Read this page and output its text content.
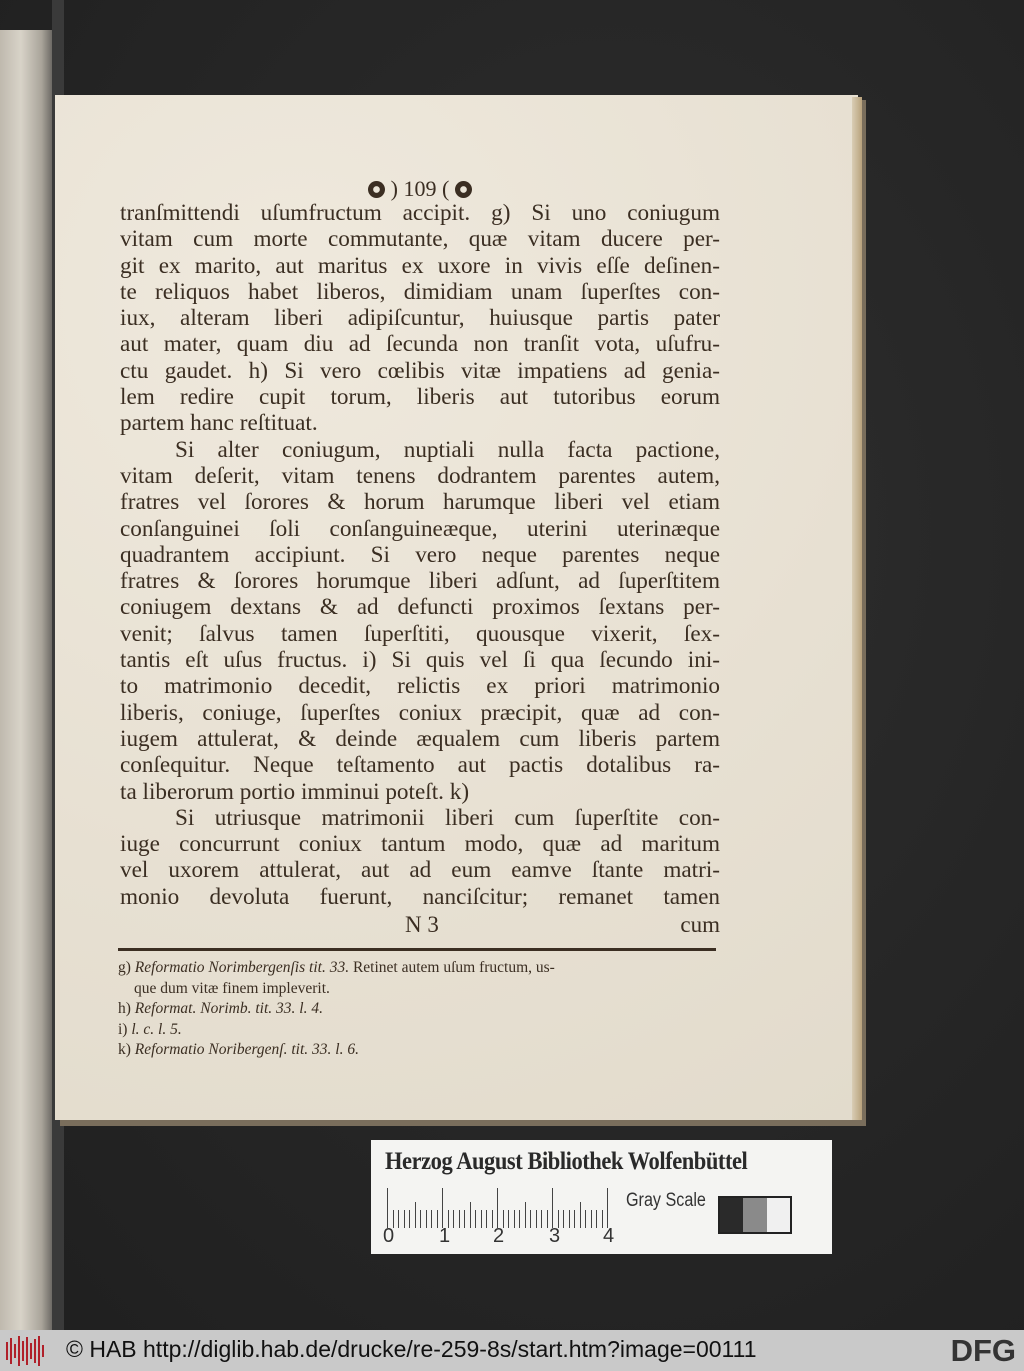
) 109 (
tranſmittendi uſumfructum accipit. g) Si uno coniugum
vitam cum morte commutante, quæ vitam ducere per-
git ex marito, aut maritus ex uxore in vivis eſſe deſinen-
te reliquos habet liberos, dimidiam unam ſuperſtes con-
iux, alteram liberi adipiſcuntur, huiusque partis pater
aut mater, quam diu ad ſecunda non tranſit vota, uſufru-
ctu gaudet. h) Si vero cœlibis vitæ impatiens ad genia-
lem redire cupit torum, liberis aut tutoribus eorum
partem hanc reſtituat.
Si alter coniugum, nuptiali nulla facta pactione,
vitam deſerit, vitam tenens dodrantem parentes autem,
fratres vel ſorores & horum harumque liberi vel etiam
conſanguinei ſoli conſanguineæque, uterini uterinæque
quadrantem accipiunt. Si vero neque parentes neque
fratres & ſorores horumque liberi adſunt, ad ſuperſtitem
coniugem dextans & ad defuncti proximos ſextans per-
venit; ſalvus tamen ſuperſtiti, quousque vixerit, ſex-
tantis eſt uſus fructus. i) Si quis vel ſi qua ſecundo ini-
to matrimonio decedit, relictis ex priori matrimonio
liberis, coniuge, ſuperſtes coniux præcipit, quæ ad con-
iugem attulerat, & deinde æqualem cum liberis partem
conſequitur. Neque teſtamento aut pactis dotalibus ra-
ta liberorum portio imminui poteſt. k)
Si utriusque matrimonii liberi cum ſuperſtite con-
iuge concurrunt coniux tantum modo, quæ ad maritum
vel uxorem attulerat, aut ad eum eamve ſtante matri-
monio devoluta fuerunt, nanciſcitur; remanet tamen
N 3	cum
g) Reformatio Norimbergenſis tit. 33. Retinet autem uſum fructum, us-
que dum vitæ finem impleverit.
h) Reformat. Norimb. tit. 33. l. 4.
i) l. c. l. 5.
k) Reformatio Noribergenſ. tit. 33. l. 6.
Herzog August Bibliothek Wolfenbüttel
0 1 2 3 4
Gray Scale
© HAB http://diglib.hab.de/drucke/re-259-8s/start.htm?image=00111	DFG
